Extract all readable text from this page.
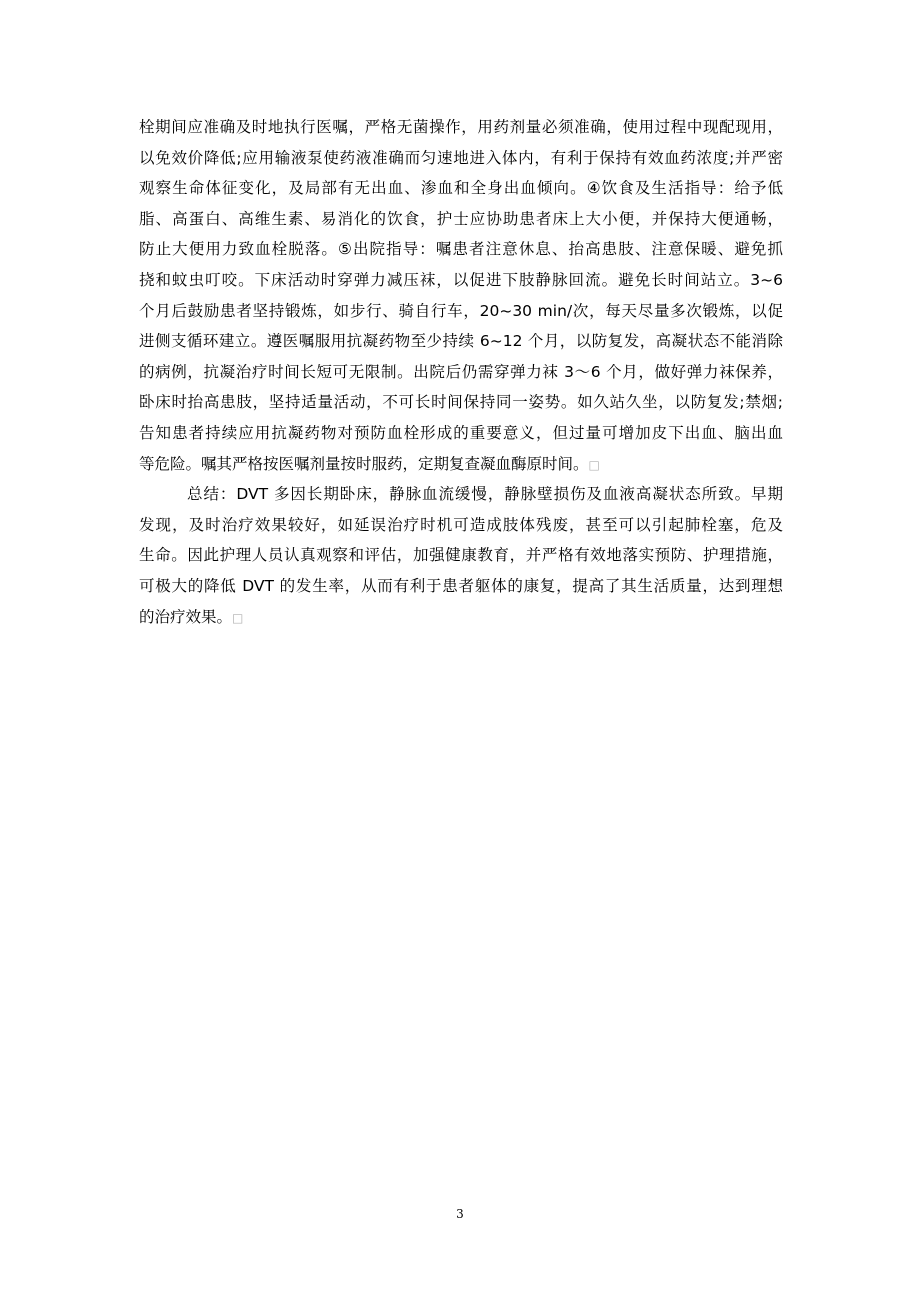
栓期间应准确及时地执行医嘱，严格无菌操作，用药剂量必须准确，使用过程中现配现用，
以免效价降低;应用输液泵使药液准确而匀速地进入体内，有利于保持有效血药浓度;并严密
观察生命体征变化，及局部有无出血、渗血和全身出血倾向。④饮食及生活指导：给予低
脂、高蛋白、高维生素、易消化的饮食，护士应协助患者床上大小便，并保持大便通畅，
防止大便用力致血栓脱落。⑤出院指导：嘱患者注意休息、抬高患肢、注意保暖、避免抓
挠和蚊虫叮咬。下床活动时穿弹力减压袜，以促进下肢静脉回流。避免长时间站立。3~6
个月后鼓励患者坚持锻炼，如步行、骑自行车，20~30 min/次，每天尽量多次锻炼，以促
进侧支循环建立。遵医嘱服用抗凝药物至少持续 6~12 个月，以防复发，高凝状态不能消除
的病例，抗凝治疗时间长短可无限制。出院后仍需穿弹力袜 3～6 个月，做好弹力袜保养，
卧床时抬高患肢，坚持适量活动，不可长时间保持同一姿势。如久站久坐，以防复发;禁烟;
告知患者持续应用抗凝药物对预防血栓形成的重要意义，但过量可增加皮下出血、脑出血
等危险。嘱其严格按医嘱剂量按时服药，定期复查凝血酶原时间。□
总结：DVT 多因长期卧床，静脉血流缓慢，静脉壁损伤及血液高凝状态所致。早期
发现，及时治疗效果较好，如延误治疗时机可造成肢体残废，甚至可以引起肺栓塞，危及
生命。因此护理人员认真观察和评估，加强健康教育，并严格有效地落实预防、护理措施，
可极大的降低 DVT 的发生率，从而有利于患者躯体的康复，提高了其生活质量，达到理想
的治疗效果。□
3
